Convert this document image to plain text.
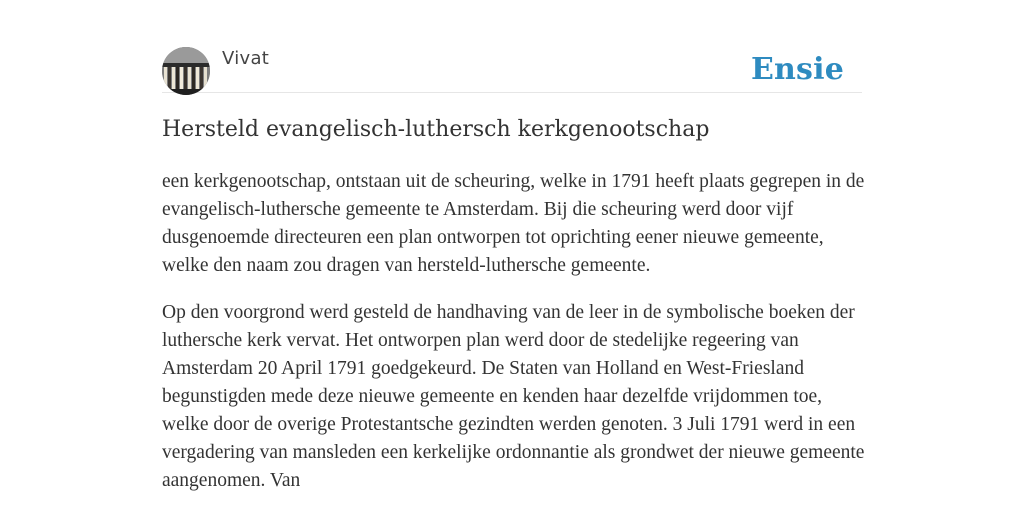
Vivat	Ensie
Hersteld evangelisch-luthersch kerkgenootschap

een kerkgenootschap, ontstaan uit de scheuring, welke in 1791 heeft plaats gegrepen in de evangelisch-luthersche gemeente te Amsterdam. Bij die scheuring werd door vijf dusgenoemde directeuren een plan ontworpen tot oprichting eener nieuwe gemeente, welke den naam zou dragen van hersteld-luthersche gemeente.

Op den voorgrond werd gesteld de handhaving van de leer in de symbolische boeken der luthersche kerk vervat. Het ontworpen plan werd door de stedelijke regeering van Amsterdam 20 April 1791 goedgekeurd. De Staten van Holland en West-Friesland begunstigden mede deze nieuwe gemeente en kenden haar dezelfde vrijdommen toe, welke door de overige Protestantsche gezindten werden genoten. 3 Juli 1791 werd in een vergadering van mansleden een kerkelijke ordonnantie als grondwet der nieuwe gemeente aangenomen. Van
